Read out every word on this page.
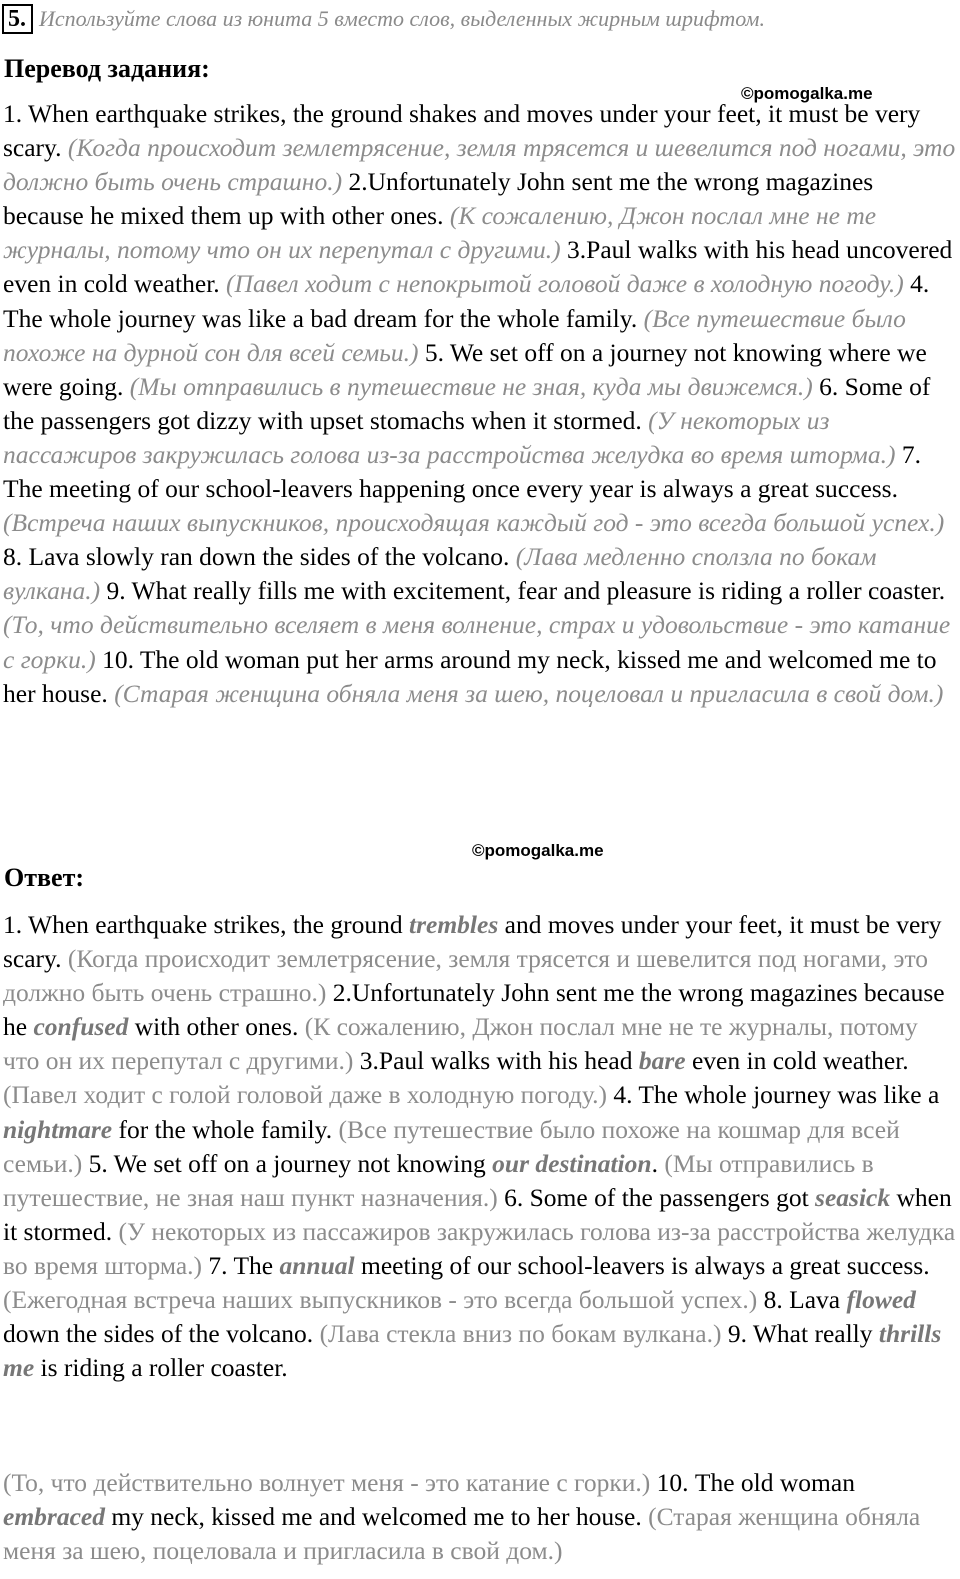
5. Используйте слова из юнита 5 вместо слов, выделенных жирным шрифтом.
Перевод задания:
©pomogalka.me

1. When earthquake strikes, the ground shakes and moves under your feet, it must be very scary. (Когда происходит землетрясение, земля трясется и шевелится под ногами, это должно быть очень страшно.) 2.Unfortunately John sent me the wrong magazines because he mixed them up with other ones. (К сожалению, Джон послал мне не те журналы, потому что он их перепутал с другими.) 3.Paul walks with his head uncovered even in cold weather. (Павел ходит с непокрытой головой даже в холодную погоду.) 4. The whole journey was like a bad dream for the whole family. (Все путешествие было похоже на дурной сон для всей семьи.) 5. We set off on a journey not knowing where we were going. (Мы отправились в путешествие не зная, куда мы движемся.) 6. Some of the passengers got dizzy with upset stomachs when it stormed. (У некоторых из пассажиров закружилась голова из-за расстройства желудка во время шторма.) 7. The meeting of our school-leavers happening once every year is always a great success. (Встреча наших выпускников, происходящая каждый год - это всегда большой успех.) 8. Lava slowly ran down the sides of the volcano. (Лава медленно сползла по бокам вулкана.) 9. What really fills me with excitement, fear and pleasure is riding a roller coaster. (То, что действительно вселяет в меня волнение, страх и удовольствие - это катание с горки.) 10. The old woman put her arms around my neck, kissed me and welcomed me to her house. (Старая женщина обняла меня за шею, поцеловал и пригласила в свой дом.)

©pomogalka.me
Ответ:

1. When earthquake strikes, the ground trembles and moves under your feet, it must be very scary. (Когда происходит землетрясение, земля трясется и шевелится под ногами, это должно быть очень страшно.) 2.Unfortunately John sent me the wrong magazines because he confused with other ones. (К сожалению, Джон послал мне не те журналы, потому что он их перепутал с другими.) 3.Paul walks with his head bare even in cold weather. (Павел ходит с голой головой даже в холодную погоду.) 4. The whole journey was like a nightmare for the whole family. (Все путешествие было похоже на кошмар для всей семьи.) 5. We set off on a journey not knowing our destination. (Мы отправились в путешествие, не зная наш пункт назначения.) 6. Some of the passengers got seasick when it stormed. (У некоторых из пассажиров закружилась голова из-за расстройства желудка во время шторма.) 7. The annual meeting of our school-leavers is always a great success. (Ежегодная встреча наших выпускников - это всегда большой успех.) 8. Lava flowed down the sides of the volcano. (Лава стекла вниз по бокам вулкана.) 9. What really thrills me is riding a roller coaster.

(То, что действительно волнует меня - это катание с горки.) 10. The old woman embraced my neck, kissed me and welcomed me to her house. (Старая женщина обняла меня за шею, поцеловала и пригласила в свой дом.)
